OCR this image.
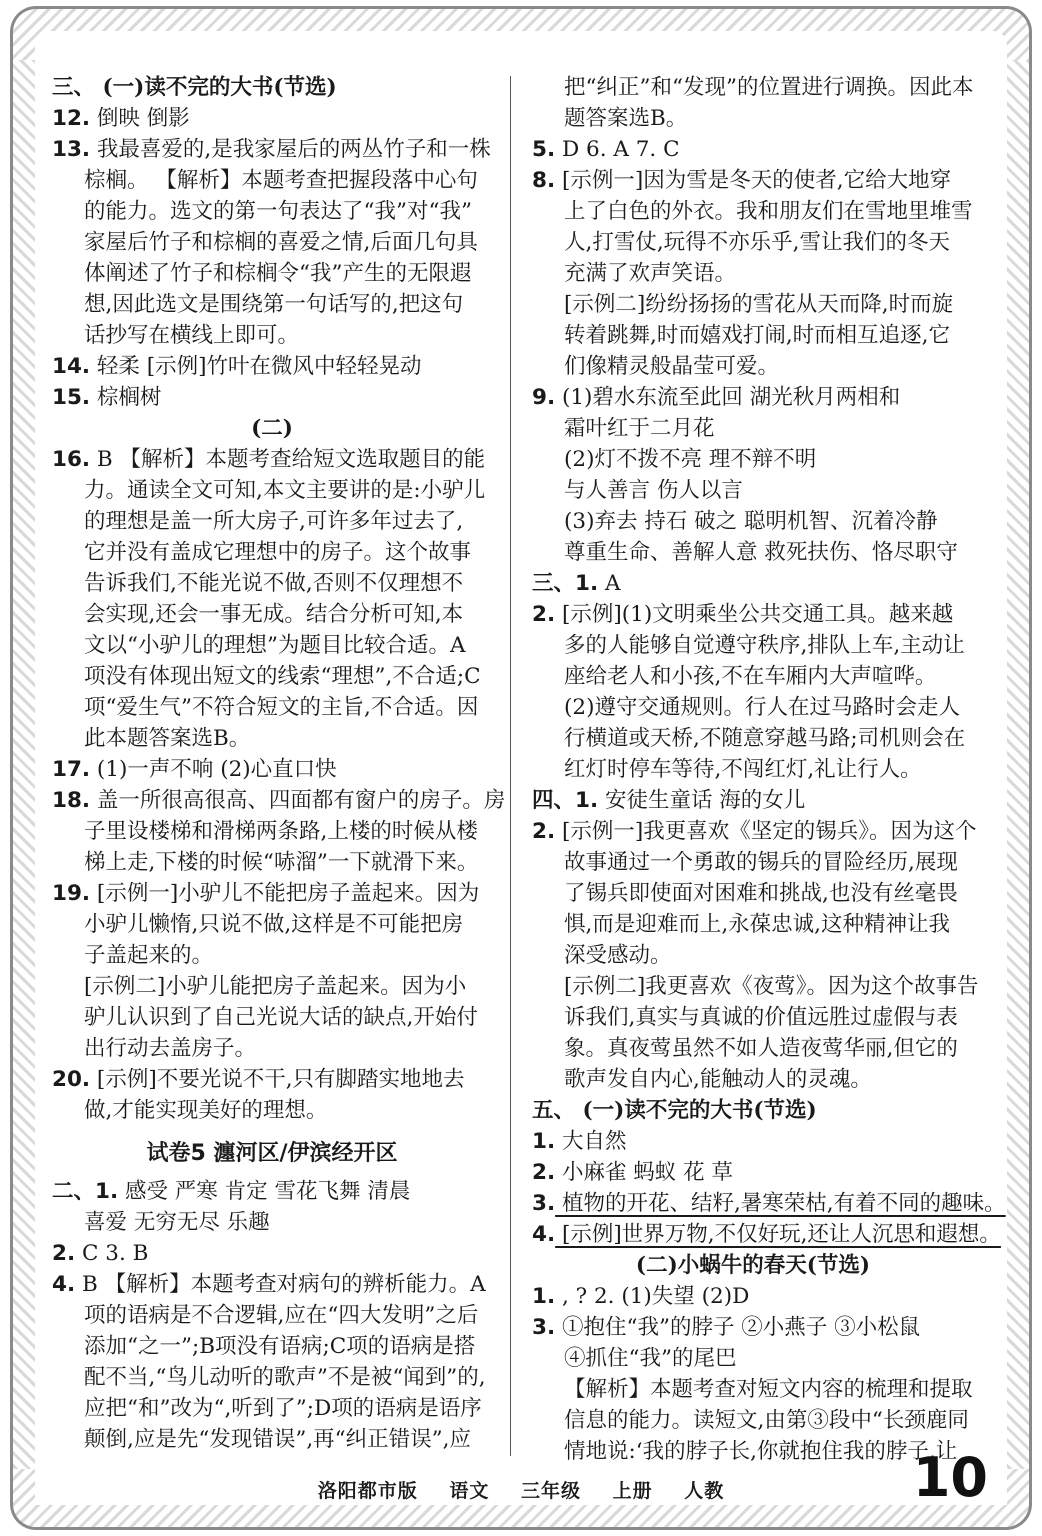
三、 (一)读不完的大书(节选)
12. 倒映 倒影
13. 我最喜爱的,是我家屋后的两丛竹子和一株
棕榈。 【解析】本题考查把握段落中心句
的能力。选文的第一句表达了“我”对“我”
家屋后竹子和棕榈的喜爱之情,后面几句具
体阐述了竹子和棕榈令“我”产生的无限遐
想,因此选文是围绕第一句话写的,把这句
话抄写在横线上即可。
14. 轻柔 [示例]竹叶在微风中轻轻晃动
15. 棕榈树
(二)
16. B 【解析】本题考查给短文选取题目的能
力。通读全文可知,本文主要讲的是:小驴儿
的理想是盖一所大房子,可许多年过去了,
它并没有盖成它理想中的房子。这个故事
告诉我们,不能光说不做,否则不仅理想不
会实现,还会一事无成。结合分析可知,本
文以“小驴儿的理想”为题目比较合适。A
项没有体现出短文的线索“理想”,不合适;C
项“爱生气”不符合短文的主旨,不合适。因
此本题答案选B。
17. (1)一声不响 (2)心直口快
18. 盖一所很高很高、四面都有窗户的房子。房
子里设楼梯和滑梯两条路,上楼的时候从楼
梯上走,下楼的时候“哧溜”一下就滑下来。
19. [示例一]小驴儿不能把房子盖起来。因为
小驴儿懒惰,只说不做,这样是不可能把房
子盖起来的。
[示例二]小驴儿能把房子盖起来。因为小
驴儿认识到了自己光说大话的缺点,开始付
出行动去盖房子。
20. [示例]不要光说不干,只有脚踏实地地去
做,才能实现美好的理想。
试卷5 瀍河区/伊滨经开区
二、1. 感受 严寒 肯定 雪花飞舞 清晨
喜爱 无穷无尽 乐趣
2. C 3. B
4. B 【解析】本题考查对病句的辨析能力。A
项的语病是不合逻辑,应在“四大发明”之后
添加“之一”;B项没有语病;C项的语病是搭
配不当,“鸟儿动听的歌声”不是被“闻到”的,
应把“和”改为“,听到了”;D项的语病是语序
颠倒,应是先“发现错误”,再“纠正错误”,应
把“纠正”和“发现”的位置进行调换。因此本
题答案选B。
5. D 6. A 7. C
8. [示例一]因为雪是冬天的使者,它给大地穿
上了白色的外衣。我和朋友们在雪地里堆雪
人,打雪仗,玩得不亦乐乎,雪让我们的冬天
充满了欢声笑语。
[示例二]纷纷扬扬的雪花从天而降,时而旋
转着跳舞,时而嬉戏打闹,时而相互追逐,它
们像精灵般晶莹可爱。
9. (1)碧水东流至此回 湖光秋月两相和
霜叶红于二月花
(2)灯不拨不亮 理不辩不明
与人善言 伤人以言
(3)弃去 持石 破之 聪明机智、沉着冷静
尊重生命、善解人意 救死扶伤、恪尽职守
三、1. A
2. [示例](1)文明乘坐公共交通工具。越来越
多的人能够自觉遵守秩序,排队上车,主动让
座给老人和小孩,不在车厢内大声喧哗。
(2)遵守交通规则。行人在过马路时会走人
行横道或天桥,不随意穿越马路;司机则会在
红灯时停车等待,不闯红灯,礼让行人。
四、1. 安徒生童话 海的女儿
2. [示例一]我更喜欢《坚定的锡兵》。因为这个
故事通过一个勇敢的锡兵的冒险经历,展现
了锡兵即使面对困难和挑战,也没有丝毫畏
惧,而是迎难而上,永葆忠诚,这种精神让我
深受感动。
[示例二]我更喜欢《夜莺》。因为这个故事告
诉我们,真实与真诚的价值远胜过虚假与表
象。真夜莺虽然不如人造夜莺华丽,但它的
歌声发自内心,能触动人的灵魂。
五、 (一)读不完的大书(节选)
1. 大自然
2. 小麻雀 蚂蚁 花 草
3. 植物的开花、结籽,暑寒荣枯,有着不同的趣味。
4. [示例]世界万物,不仅好玩,还让人沉思和遐想。
(二)小蜗牛的春天(节选)
1. , ? 2. (1)失望 (2)D
3. ①抱住“我”的脖子 ②小燕子 ③小松鼠
④抓住“我”的尾巴
【解析】本题考查对短文内容的梳理和提取
信息的能力。读短文,由第③段中“长颈鹿同
情地说:‘我的脖子长,你就抱住我的脖子,让
洛阳都市版 语文 三年级 上册 人教	10
